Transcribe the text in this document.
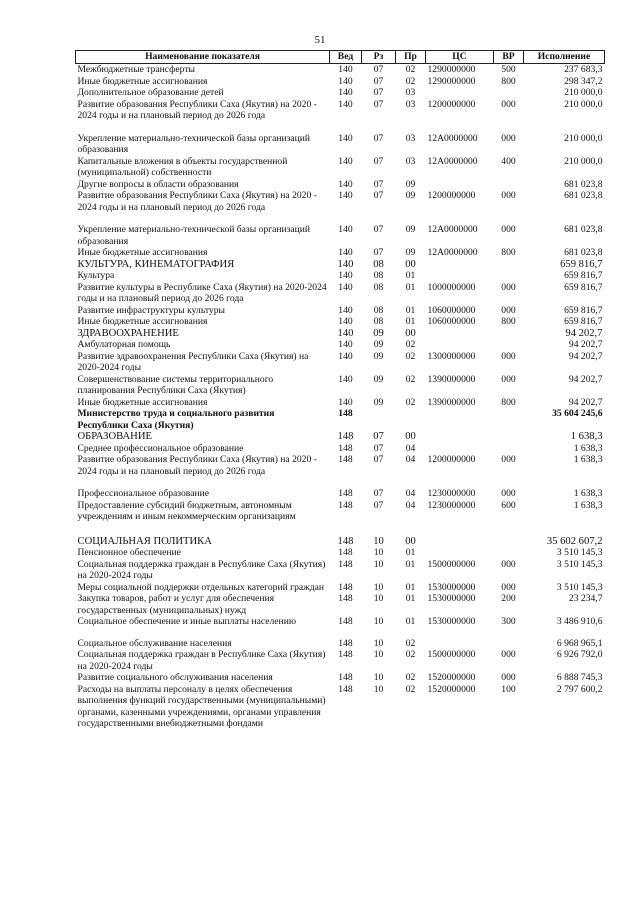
51
Наименование показателя	Вед	Рз	Пр	ЦС	ВР	Исполнение
Межбюджетные трансферты	140	07	02	1290000000	500	237 683,3
Иные бюджетные ассигнования	140	07	02	1290000000	800	298 347,2
Дополнительное образование детей	140	07	03			210 000,0
Развитие образования Республики Саха (Якутия) на 2020 - 2024 годы и на плановый период до 2026 года	140	07	03	1200000000	000	210 000,0

Укрепление материально-технической базы организаций образования	140	07	03	12А0000000	000	210 000,0
Капитальные вложения в объекты государственной (муниципальной) собственности	140	07	03	12А0000000	400	210 000,0
Другие вопросы в области образования	140	07	09			681 023,8
Развитие образования Республики Саха (Якутия) на 2020 - 2024 годы и на плановый период до 2026 года	140	07	09	1200000000	000	681 023,8

Укрепление материально-технической базы организаций образования	140	07	09	12А0000000	000	681 023,8
Иные бюджетные ассигнования	140	07	09	12А0000000	800	681 023,8
КУЛЬТУРА, КИНЕМАТОГРАФИЯ	140	08	00			659 816,7
Культура	140	08	01			659 816,7
Развитие культуры в Республике Саха (Якутия) на 2020-2024 годы и на плановый период до 2026 года	140	08	01	1000000000	000	659 816,7
Развитие инфраструктуры культуры	140	08	01	1060000000	000	659 816,7
Иные бюджетные ассигнования	140	08	01	1060000000	800	659 816,7
ЗДРАВООХРАНЕНИЕ	140	09	00			94 202,7
Амбулаторная помощь	140	09	02			94 202,7
Развитие здравоохранения Республики Саха (Якутия) на 2020-2024 годы	140	09	02	1300000000	000	94 202,7
Совершенствование системы территориального планирования Республики Саха (Якутия)	140	09	02	1390000000	000	94 202,7
Иные бюджетные ассигнования	140	09	02	1390000000	800	94 202,7
Министерство труда и социального развития Республики Саха (Якутия)	148					35 604 245,6
ОБРАЗОВАНИЕ	148	07	00			1 638,3
Среднее профессиональное образование	148	07	04			1 638,3
Развитие образования Республики Саха (Якутия) на 2020 - 2024 годы и на плановый период до 2026 года	148	07	04	1200000000	000	1 638,3

Профессиональное образование	148	07	04	1230000000	000	1 638,3
Предоставление субсидий бюджетным, автономным учреждениям и иным некоммерческим организациям	148	07	04	1230000000	600	1 638,3

СОЦИАЛЬНАЯ ПОЛИТИКА	148	10	00			35 602 607,2
Пенсионное обеспечение	148	10	01			3 510 145,3
Социальная поддержка граждан в Республике Саха (Якутия) на 2020-2024 годы	148	10	01	1500000000	000	3 510 145,3
Меры социальной поддержки отдельных категорий граждан	148	10	01	1530000000	000	3 510 145,3
Закупка товаров, работ и услуг для обеспечения государственных (муниципальных) нужд	148	10	01	1530000000	200	23 234,7
Социальное обеспечение и иные выплаты населению	148	10	01	1530000000	300	3 486 910,6

Социальное обслуживание населения	148	10	02			6 968 965,1
Социальная поддержка граждан в Республике Саха (Якутия) на 2020-2024 годы	148	10	02	1500000000	000	6 926 792,0
Развитие социального обслуживания населения	148	10	02	1520000000	000	6 888 745,3
Расходы на выплаты персоналу в целях обеспечения выполнения функций государственными (муниципальными) органами, казенными учреждениями, органами управления государственными внебюджетными фондами	148	10	02	1520000000	100	2 797 600,2
